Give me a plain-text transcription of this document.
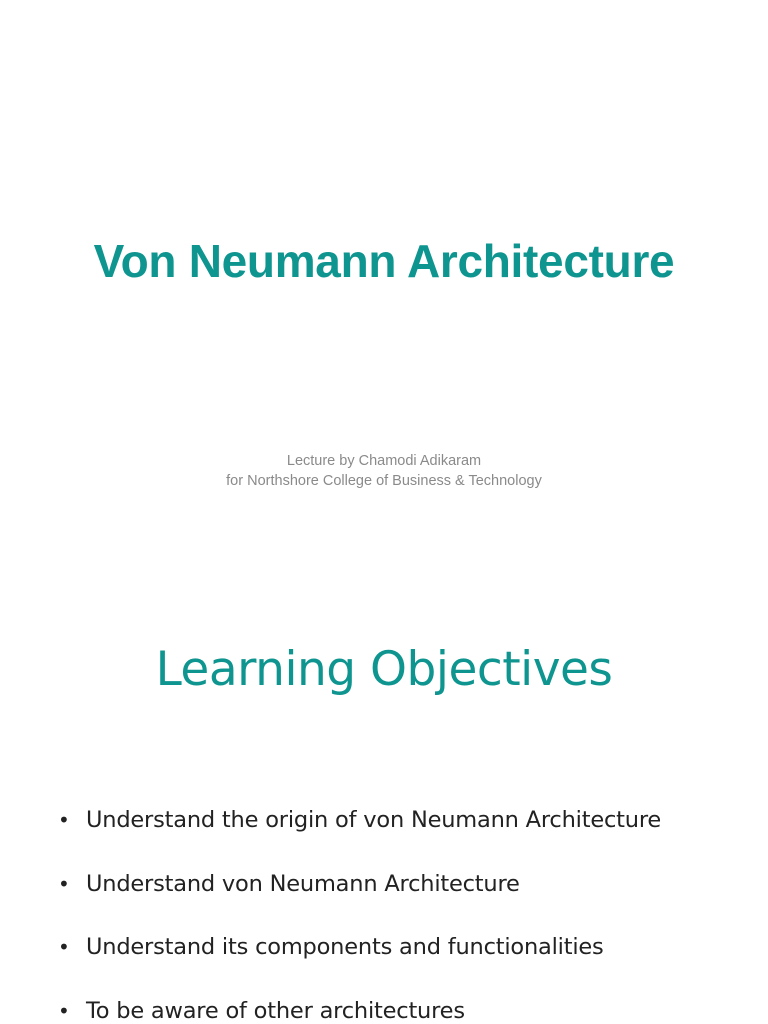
Von Neumann Architecture
Lecture by Chamodi Adikaram
for Northshore College of Business & Technology
Learning Objectives
• Understand the origin of von Neumann Architecture
• Understand von Neumann Architecture
• Understand its components and functionalities
• To be aware of other architectures
